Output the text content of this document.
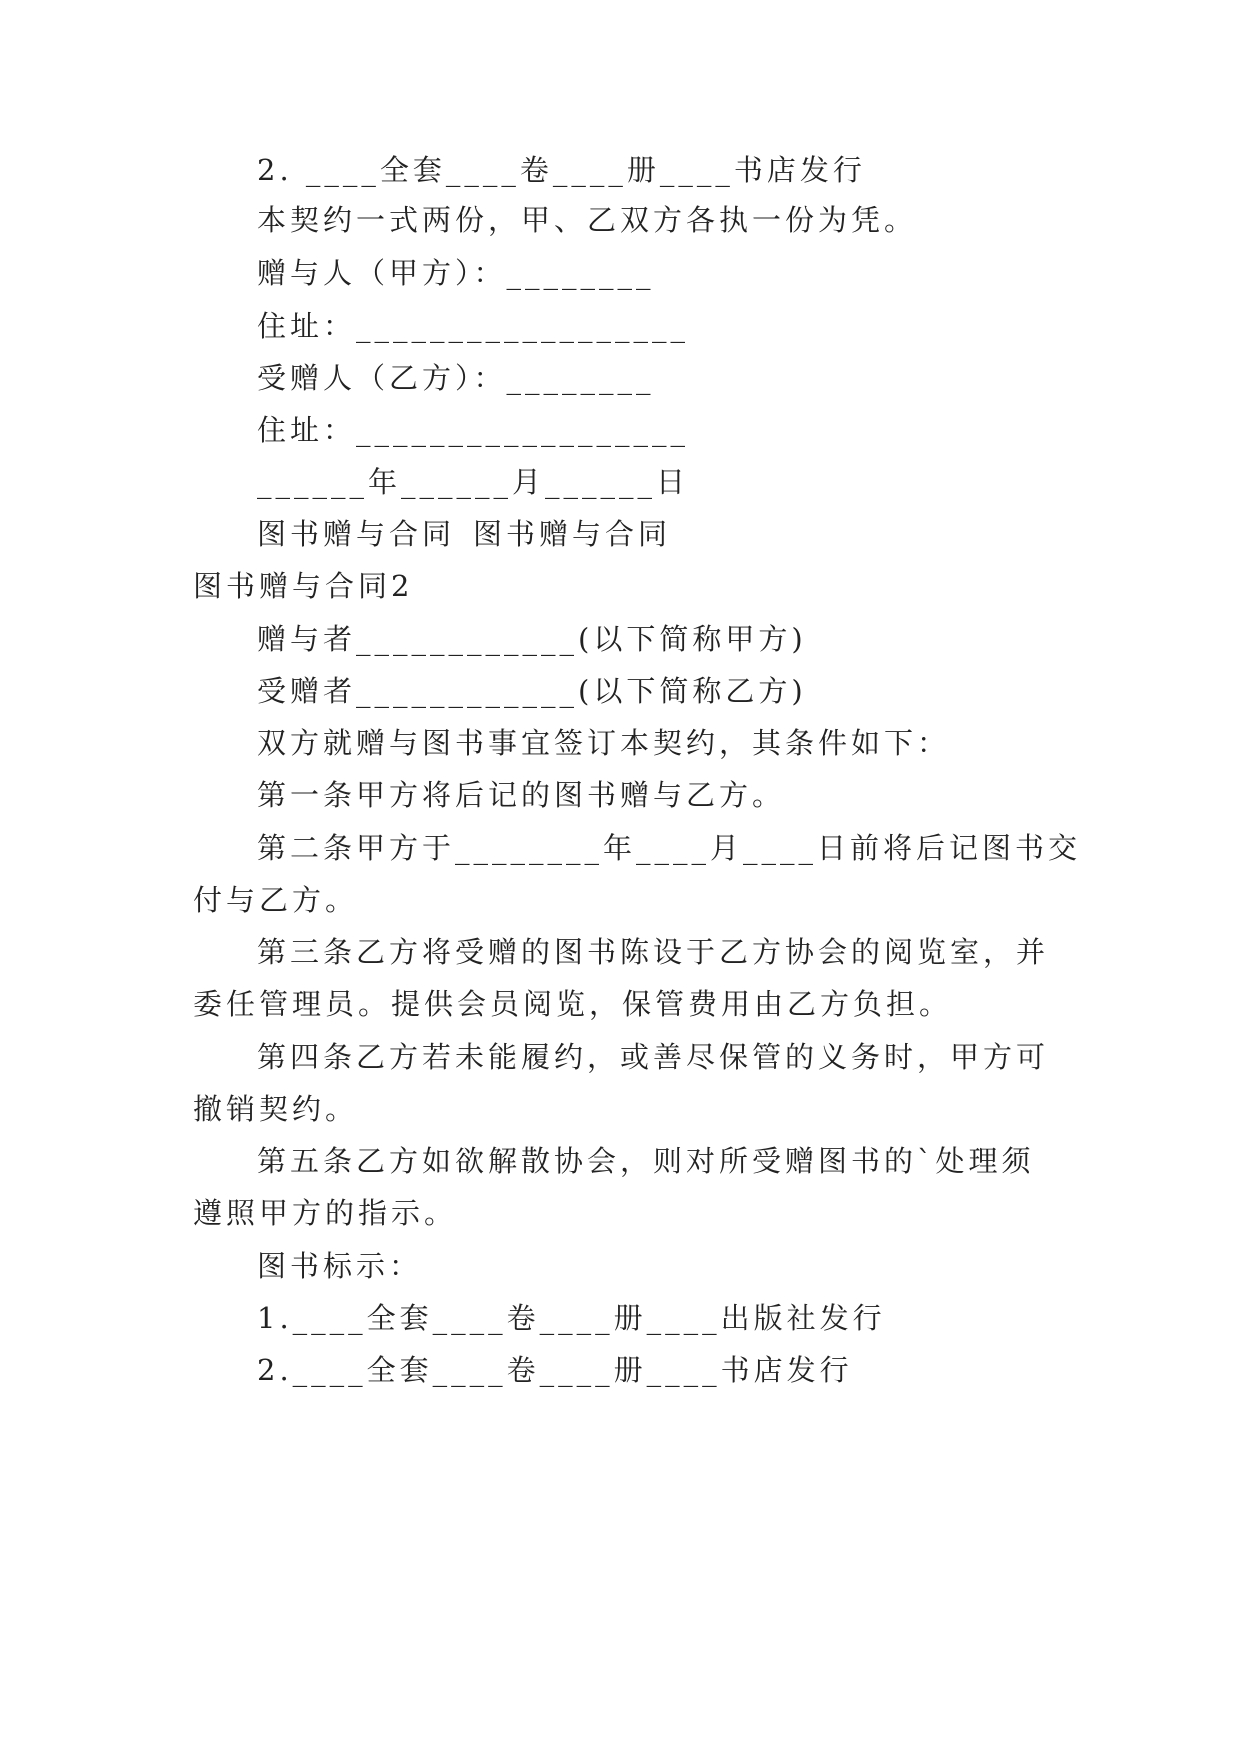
2. ____全套____卷____册____书店发行
本契约一式两份，甲、乙双方各执一份为凭。
赠与人（甲方）：________
住址：__________________
受赠人（乙方）：________
住址：__________________
______年______月______日
图书赠与合同 图书赠与合同
图书赠与合同2
赠与者____________(以下简称甲方)
受赠者____________(以下简称乙方)
双方就赠与图书事宜签订本契约，其条件如下：
第一条甲方将后记的图书赠与乙方。
第二条甲方于________年____月____日前将后记图书交
付与乙方。
第三条乙方将受赠的图书陈设于乙方协会的阅览室，并
委任管理员。提供会员阅览，保管费用由乙方负担。
第四条乙方若未能履约，或善尽保管的义务时，甲方可
撤销契约。
第五条乙方如欲解散协会，则对所受赠图书的`处理须
遵照甲方的指示。
图书标示：
1.____全套____卷____册____出版社发行
2.____全套____卷____册____书店发行
